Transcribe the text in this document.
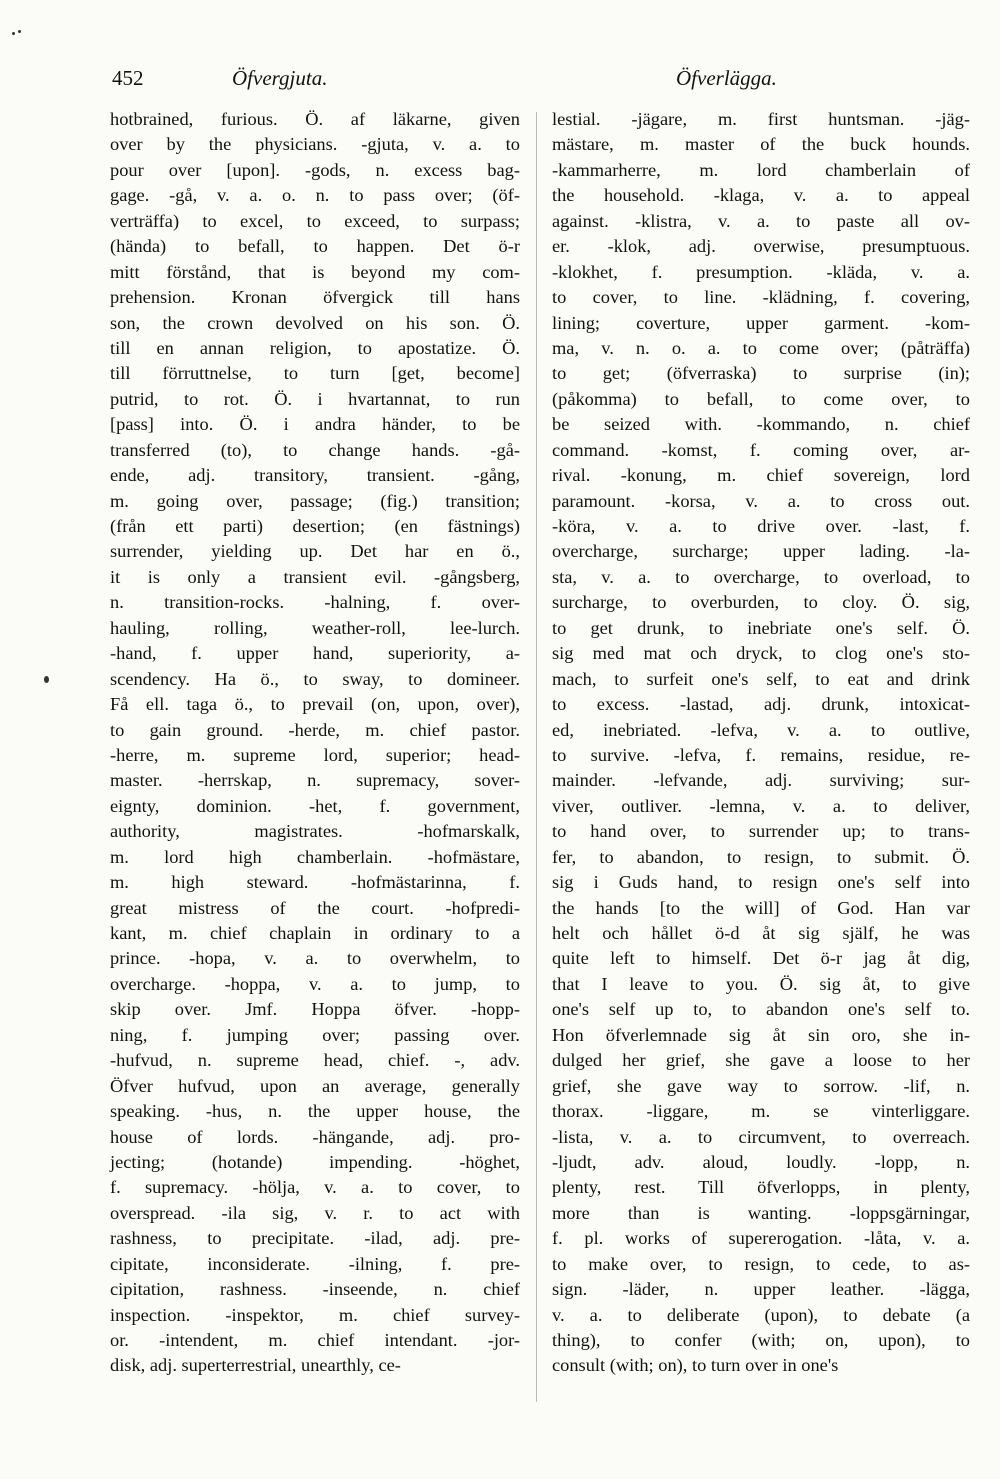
452	Öfvergjuta.	Öfverlägga.
hotbrained, furious. Ö. af läkarne, given
over by the physicians. -gjuta, v. a. to
pour over [upon]. -gods, n. excess bag-
gage. -gå, v. a. o. n. to pass over; (öf-
verträffa) to excel, to exceed, to surpass;
(hända) to befall, to happen. Det ö-r
mitt förstånd, that is beyond my com-
prehension. Kronan öfvergick till hans
son, the crown devolved on his son. Ö.
till en annan religion, to apostatize. Ö.
till förruttnelse, to turn [get, become]
putrid, to rot. Ö. i hvartannat, to run
[pass] into. Ö. i andra händer, to be
transferred (to), to change hands. -gå-
ende, adj. transitory, transient. -gång,
m. going over, passage; (fig.) transition;
(från ett parti) desertion; (en fästnings)
surrender, yielding up. Det har en ö.,
it is only a transient evil. -gångsberg,
n. transition-rocks. -halning, f. over-
hauling, rolling, weather-roll, lee-lurch.
-hand, f. upper hand, superiority, a-
scendency. Ha ö., to sway, to domineer.
Få ell. taga ö., to prevail (on, upon, over),
to gain ground. -herde, m. chief pastor.
-herre, m. supreme lord, superior; head-
master. -herrskap, n. supremacy, sover-
eignty, dominion. -het, f. government,
authority, magistrates. -hofmarskalk,
m. lord high chamberlain. -hofmästare,
m. high steward. -hofmästarinna, f.
great mistress of the court. -hofpredi-
kant, m. chief chaplain in ordinary to a
prince. -hopa, v. a. to overwhelm, to
overcharge. -hoppa, v. a. to jump, to
skip over. Jmf. Hoppa öfver. -hopp-
ning, f. jumping over; passing over.
-hufvud, n. supreme head, chief. -, adv.
Öfver hufvud, upon an average, generally
speaking. -hus, n. the upper house, the
house of lords. -hängande, adj. pro-
jecting; (hotande) impending. -höghet,
f. supremacy. -hölja, v. a. to cover, to
overspread. -ila sig, v. r. to act with
rashness, to precipitate. -ilad, adj. pre-
cipitate, inconsiderate. -ilning, f. pre-
cipitation, rashness. -inseende, n. chief
inspection. -inspektor, m. chief survey-
or. -intendent, m. chief intendant. -jor-
disk, adj. superterrestrial, unearthly, ce-
lestial. -jägare, m. first huntsman. -jäg-
mästare, m. master of the buck hounds.
-kammarherre, m. lord chamberlain of
the household. -klaga, v. a. to appeal
against. -klistra, v. a. to paste all ov-
er. -klok, adj. overwise, presumptuous.
-klokhet, f. presumption. -kläda, v. a.
to cover, to line. -klädning, f. covering,
lining; coverture, upper garment. -kom-
ma, v. n. o. a. to come over; (påträffa)
to get; (öfverraska) to surprise (in);
(påkomma) to befall, to come over, to
be seized with. -kommando, n. chief
command. -komst, f. coming over, ar-
rival. -konung, m. chief sovereign, lord
paramount. -korsa, v. a. to cross out.
-köra, v. a. to drive over. -last, f.
overcharge, surcharge; upper lading. -la-
sta, v. a. to overcharge, to overload, to
surcharge, to overburden, to cloy. Ö. sig,
to get drunk, to inebriate one's self. Ö.
sig med mat och dryck, to clog one's sto-
mach, to surfeit one's self, to eat and drink
to excess. -lastad, adj. drunk, intoxicat-
ed, inebriated. -lefva, v. a. to outlive,
to survive. -lefva, f. remains, residue, re-
mainder. -lefvande, adj. surviving; sur-
viver, outliver. -lemna, v. a. to deliver,
to hand over, to surrender up; to trans-
fer, to abandon, to resign, to submit. Ö.
sig i Guds hand, to resign one's self into
the hands [to the will] of God. Han var
helt och hållet ö-d åt sig själf, he was
quite left to himself. Det ö-r jag åt dig,
that I leave to you. Ö. sig åt, to give
one's self up to, to abandon one's self to.
Hon öfverlemnade sig åt sin oro, she in-
dulged her grief, she gave a loose to her
grief, she gave way to sorrow. -lif, n.
thorax. -liggare, m. se vinterliggare.
-lista, v. a. to circumvent, to overreach.
-ljudt, adv. aloud, loudly. -lopp, n.
plenty, rest. Till öfverlopps, in plenty,
more than is wanting. -loppsgärningar,
f. pl. works of supererogation. -låta, v. a.
to make over, to resign, to cede, to as-
sign. -läder, n. upper leather. -lägga,
v. a. to deliberate (upon), to debate (a
thing), to confer (with; on, upon), to
consult (with; on), to turn over in one's
